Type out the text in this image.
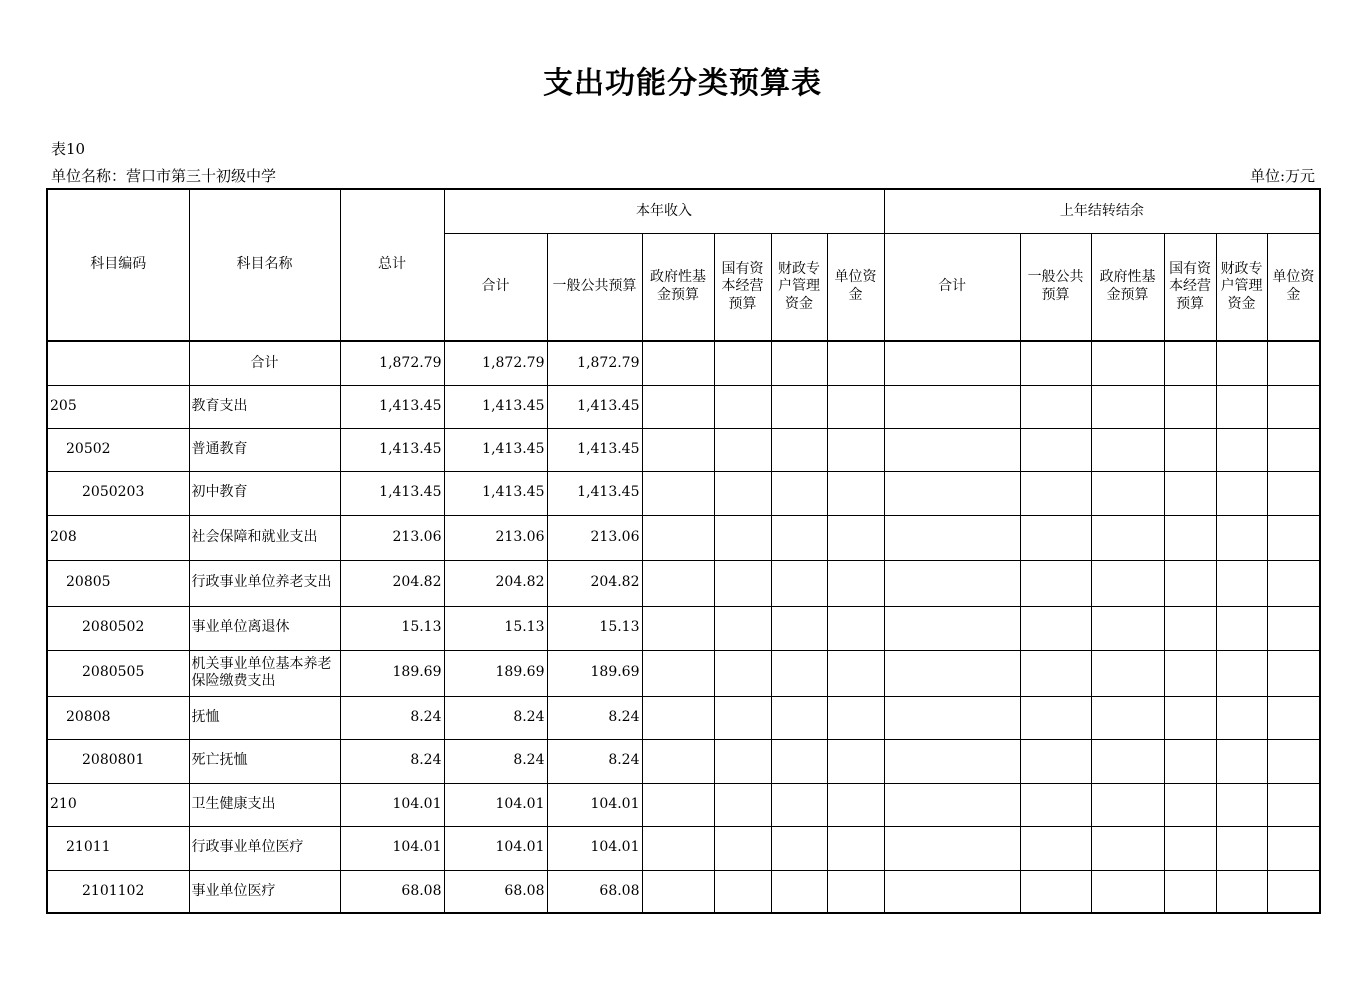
支出功能分类预算表
表10
单位名称：营口市第三十初级中学	单位:万元
科目编码	科目名称	总计	本年收入						上年结转结余					
			合计	一般公共预算	政府性基金预算	国有资本经营预算	财政专户管理资金	单位资金	合计	一般公共预算	政府性基金预算	国有资本经营预算	财政专户管理资金	单位资金
	合计	1,872.79	1,872.79	1,872.79										
205	教育支出	1,413.45	1,413.45	1,413.45										
20502	普通教育	1,413.45	1,413.45	1,413.45										
2050203	初中教育	1,413.45	1,413.45	1,413.45										
208	社会保障和就业支出	213.06	213.06	213.06										
20805	行政事业单位养老支出	204.82	204.82	204.82										
2080502	事业单位离退休	15.13	15.13	15.13										
2080505	机关事业单位基本养老保险缴费支出	189.69	189.69	189.69										
20808	抚恤	8.24	8.24	8.24										
2080801	死亡抚恤	8.24	8.24	8.24										
210	卫生健康支出	104.01	104.01	104.01										
21011	行政事业单位医疗	104.01	104.01	104.01										
2101102	事业单位医疗	68.08	68.08	68.08										
